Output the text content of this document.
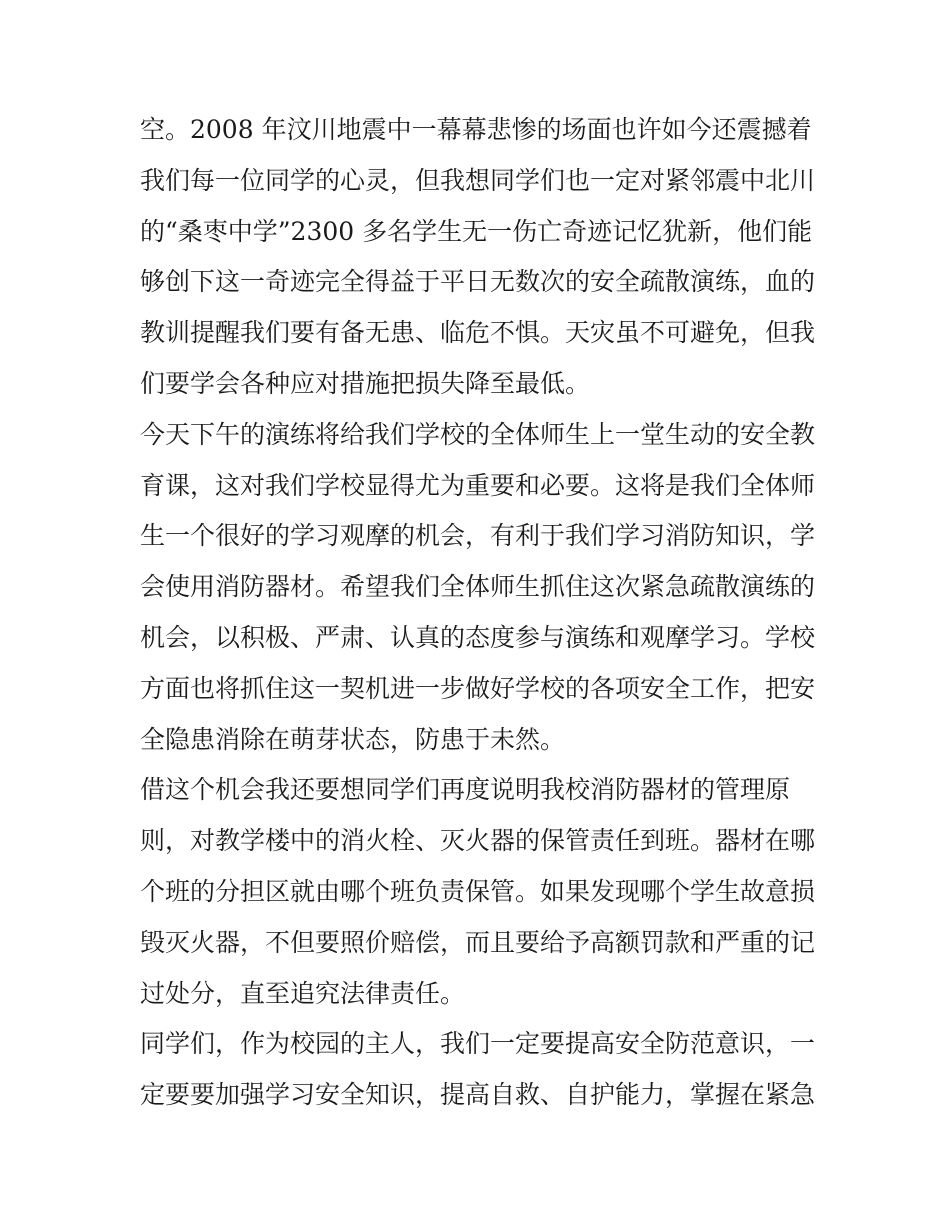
空。2008 年汶川地震中一幕幕悲惨的场面也许如今还震撼着
我们每一位同学的心灵，但我想同学们也一定对紧邻震中北川
的“桑枣中学”2300 多名学生无一伤亡奇迹记忆犹新，他们能
够创下这一奇迹完全得益于平日无数次的安全疏散演练，血的
教训提醒我们要有备无患、临危不惧。天灾虽不可避免，但我
们要学会各种应对措施把损失降至最低。
今天下午的演练将给我们学校的全体师生上一堂生动的安全教
育课，这对我们学校显得尤为重要和必要。这将是我们全体师
生一个很好的学习观摩的机会，有利于我们学习消防知识，学
会使用消防器材。希望我们全体师生抓住这次紧急疏散演练的
机会，以积极、严肃、认真的态度参与演练和观摩学习。学校
方面也将抓住这一契机进一步做好学校的各项安全工作，把安
全隐患消除在萌芽状态，防患于未然。
借这个机会我还要想同学们再度说明我校消防器材的管理原
则，对教学楼中的消火栓、灭火器的保管责任到班。器材在哪
个班的分担区就由哪个班负责保管。如果发现哪个学生故意损
毁灭火器，不但要照价赔偿，而且要给予高额罚款和严重的记
过处分，直至追究法律责任。
同学们，作为校园的主人，我们一定要提高安全防范意识，一
定要要加强学习安全知识，提高自救、自护能力，掌握在紧急
